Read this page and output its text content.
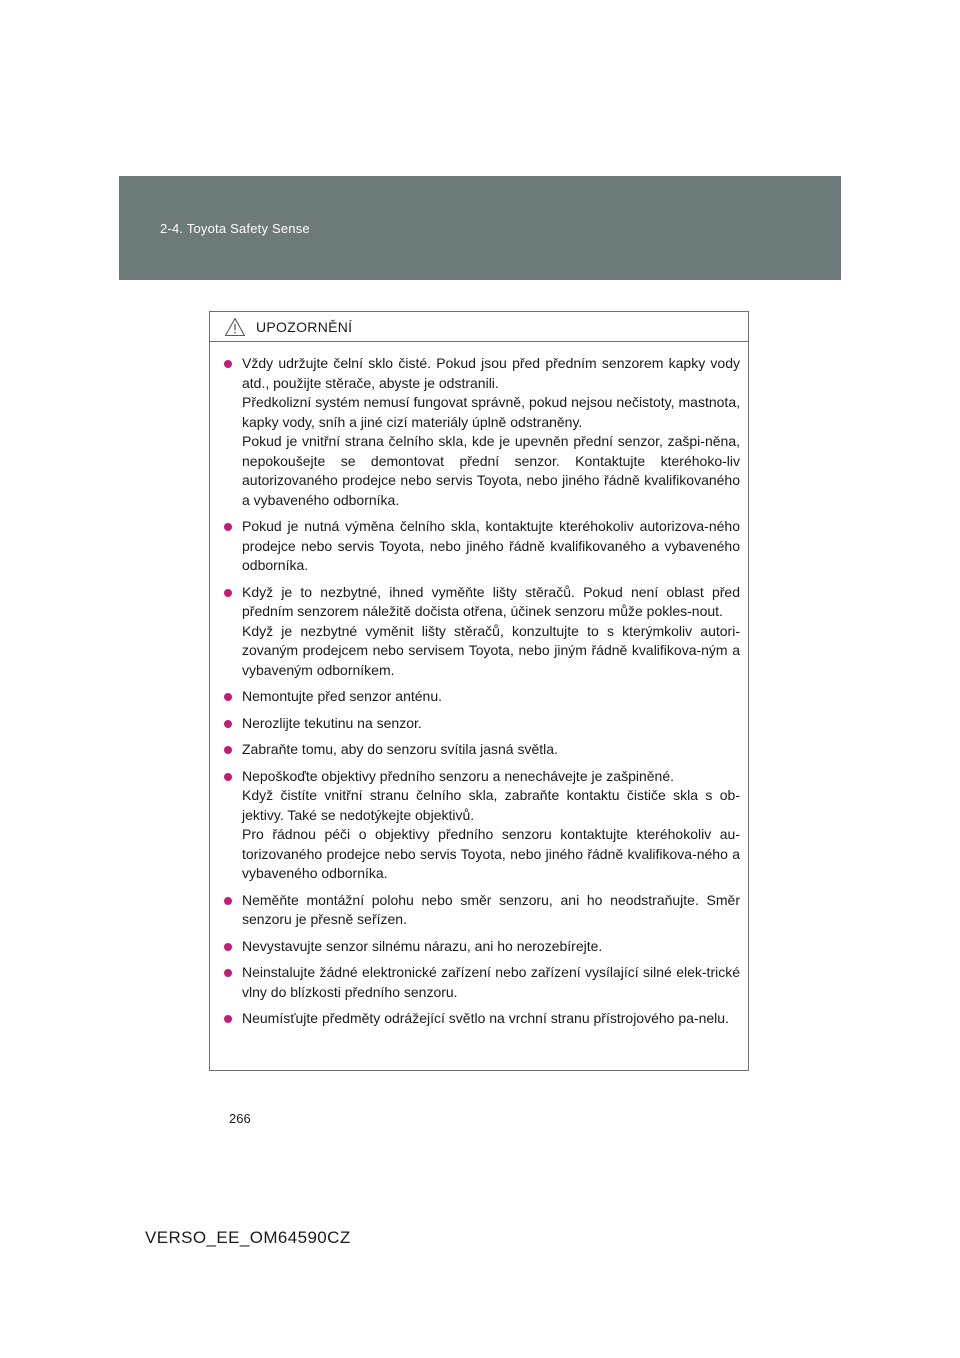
2-4. Toyota Safety Sense
UPOZORNĚNÍ

Vždy udržujte čelní sklo čisté. Pokud jsou před předním senzorem kapky vody atd., použijte stěrače, abyste je odstranili.

Předkolizní systém nemusí fungovat správně, pokud nejsou nečistoty, mastnota, kapky vody, sníh a jiné cizí materiály úplně odstraněny.

Pokud je vnitřní strana čelního skla, kde je upevněn přední senzor, zašpi-něna, nepokoušejte se demontovat přední senzor. Kontaktujte kteréhoko-liv autorizovaného prodejce nebo servis Toyota, nebo jiného řádně kvalifikovaného a vybaveného odborníka.

Pokud je nutná výměna čelního skla, kontaktujte kteréhokoliv autorizova-ného prodejce nebo servis Toyota, nebo jiného řádně kvalifikovaného a vybaveného odborníka.

Když je to nezbytné, ihned vyměňte lišty stěračů. Pokud není oblast před předním senzorem náležitě dočista otřena, účinek senzoru může pokles-nout.

Když je nezbytné vyměnit lišty stěračů, konzultujte to s kterýmkoliv autori-zovaným prodejcem nebo servisem Toyota, nebo jiným řádně kvalifikova-ným a vybaveným odborníkem.

Nemontujte před senzor anténu.

Nerozlijte tekutinu na senzor.

Zabraňte tomu, aby do senzoru svítila jasná světla.

Nepoškoďte objektivy předního senzoru a nenechávejte je zašpiněné.

Když čistíte vnitřní stranu čelního skla, zabraňte kontaktu čističe skla s ob-jektivy. Také se nedotýkejte objektivů.

Pro řádnou péči o objektivy předního senzoru kontaktujte kteréhokoliv au-torizovaného prodejce nebo servis Toyota, nebo jiného řádně kvalifikova-ného a vybaveného odborníka.

Neměňte montážní polohu nebo směr senzoru, ani ho neodstraňujte. Směr senzoru je přesně seřízen.

Nevystavujte senzor silnému nárazu, ani ho nerozebírejte.

Neinstalujte žádné elektronické zařízení nebo zařízení vysílající silné elek-trické vlny do blízkosti předního senzoru.

Neumísťujte předměty odrážející světlo na vrchní stranu přístrojového pa-nelu.

266
VERSO_EE_OM64590CZ
